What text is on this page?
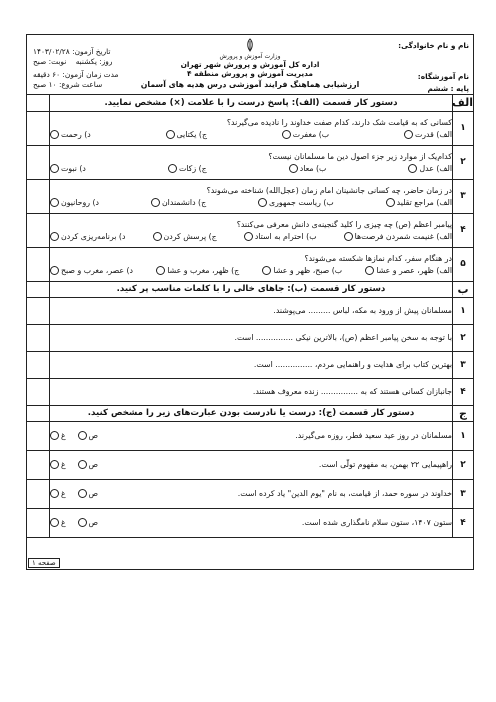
نام و نام خانوادگی:
نام آموزشگاه:
پایه : ششم
وزارت آموزش و پرورش
اداره کل آموزش و پرورش شهر تهران
مدیریت آموزش و پرورش منطقه ۴
ارزشیابی هماهنگ فرایند آموزشی درس هدیه های آسمان
تاریخ آزمون: ۱۴۰۳/۰۲/۲۸
روز: یکشنبه    نوبت: صبح
مدت زمان آزمون: ۶۰ دقیقه
ساعت شروع: ۱۰ صبح
الف	دستور کار قسمت (الف): پاسخ درست را با علامت (×) مشخص نمایید.	
۱	کسانی که به قیامت شک دارند، کدام صفت خداوند را نادیده می‌گیرند؟
الف) قدرت
ب) مغفرت
ج) یکتایی
د) رحمت	

۲	کدام‌یک از موارد زیر جزء اصول دین ما مسلمانان نیست؟
الف) عدل
ب) معاد
ج) زکات
د) نبوت	

۳	در زمان حاضر، چه کسانی جانشینان امام زمان (عجل‌الله) شناخته می‌شوند؟
الف) مراجع تقلید
ب) ریاست جمهوری
ج) دانشمندان
د) روحانیون	

۴	پیامبر اعظم (ص) چه چیزی را کلید گنجینه‌ی دانش معرفی می‌کنند؟
الف) غنیمت شمردن فرصت‌ها
ب) احترام به استاد
ج) پرسش کردن
د) برنامه‌ریزی کردن	

۵	در هنگام سفر، کدام نمازها شکسته می‌شوند؟
الف) ظهر، عصر و عشا
ب) صبح، ظهر و عشا
ج) ظهر، مغرب و عشا
د) عصر، مغرب و صبح	

ب	دستور کار قسمت (ب): جاهای خالی را با کلمات مناسب پر کنید.	
۱	مسلمانان پیش از ورود به مکه، لباس ......... می‌پوشند.	
۲	با توجه به سخن پیامبر اعظم (ص)، بالاترین نیکی ............... است.	
۳	بهترین کتاب برای هدایت و راهنمایی مردم، ............... است.	
۴	جانبازان کسانی هستند که به ............... زنده معروف هستند.	
ج	دستور کار قسمت (ج): درست یا نادرست بودن عبارت‌های زیر را مشخص کنید.	
۱	مسلمانان در روز عید سعید فطر، روزه می‌گیرند.
غ ص	

۲	راهپیمایی ۲۲ بهمن، به مفهوم تولّی است.
غ ص	

۳	خداوند در سوره حمد، از قیامت، به نام "یوم الدین" یاد کرده است.
غ ص	

۴	ستون ۱۴۰۷، ستون سلام نامگذاری شده است.
غ ص	

صفحه ۱
